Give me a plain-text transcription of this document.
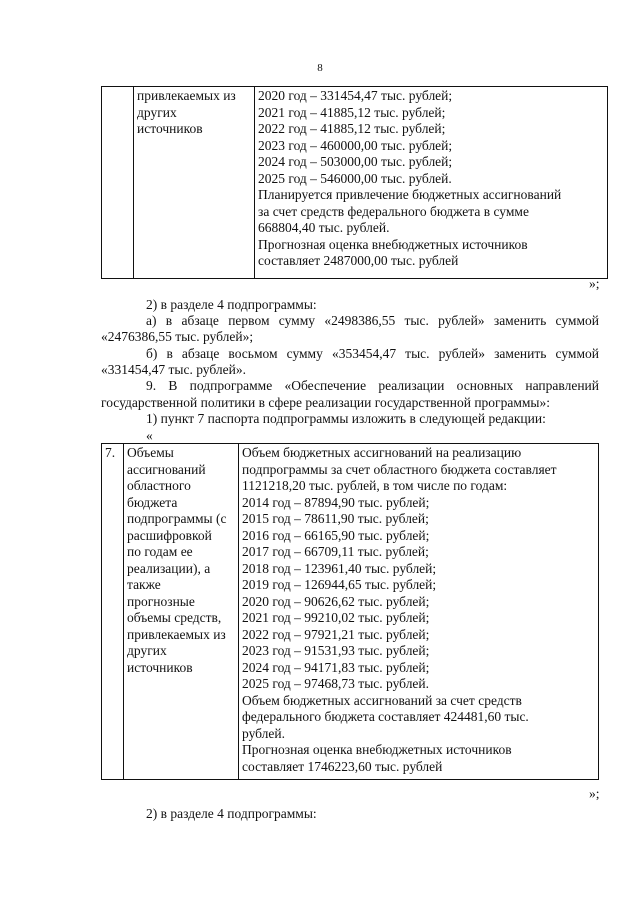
8
	привлекаемых из
других
источников	2020 год – 331454,47 тыс. рублей;
2021 год – 41885,12 тыс. рублей;
2022 год – 41885,12 тыс. рублей;
2023 год – 460000,00 тыс. рублей;
2024 год – 503000,00 тыс. рублей;
2025 год – 546000,00 тыс. рублей.
Планируется привлечение бюджетных ассигнований
за счет средств федерального бюджета в сумме
668804,40 тыс. рублей.
Прогнозная оценка внебюджетных источников
составляет 2487000,00 тыс. рублей
»;
2) в разделе 4 подпрограммы:
а) в абзаце первом сумму «2498386,55 тыс. рублей» заменить суммой
«2476386,55 тыс. рублей»;
б) в абзаце восьмом сумму «353454,47 тыс. рублей» заменить суммой
«331454,47 тыс. рублей».
9. В подпрограмме «Обеспечение реализации основных направлений
государственной политики в сфере реализации государственной программы»:
1) пункт 7 паспорта подпрограммы изложить в следующей редакции:
«
7.	Объемы
ассигнований
областного
бюджета
подпрограммы (с
расшифровкой
по годам ее
реализации), а
также
прогнозные
объемы средств,
привлекаемых из
других
источников	Объем бюджетных ассигнований на реализацию
подпрограммы за счет областного бюджета составляет
1121218,20 тыс. рублей, в том числе по годам:
2014 год – 87894,90 тыс. рублей;
2015 год – 78611,90 тыс. рублей;
2016 год – 66165,90 тыс. рублей;
2017 год – 66709,11 тыс. рублей;
2018 год – 123961,40 тыс. рублей;
2019 год – 126944,65 тыс. рублей;
2020 год – 90626,62 тыс. рублей;
2021 год – 99210,02 тыс. рублей;
2022 год – 97921,21 тыс. рублей;
2023 год – 91531,93 тыс. рублей;
2024 год – 94171,83 тыс. рублей;
2025 год – 97468,73 тыс. рублей.
Объем бюджетных ассигнований за счет средств
федерального бюджета составляет 424481,60 тыс.
рублей.
Прогнозная оценка внебюджетных источников
составляет 1746223,60 тыс. рублей
»;
2) в разделе 4 подпрограммы:
